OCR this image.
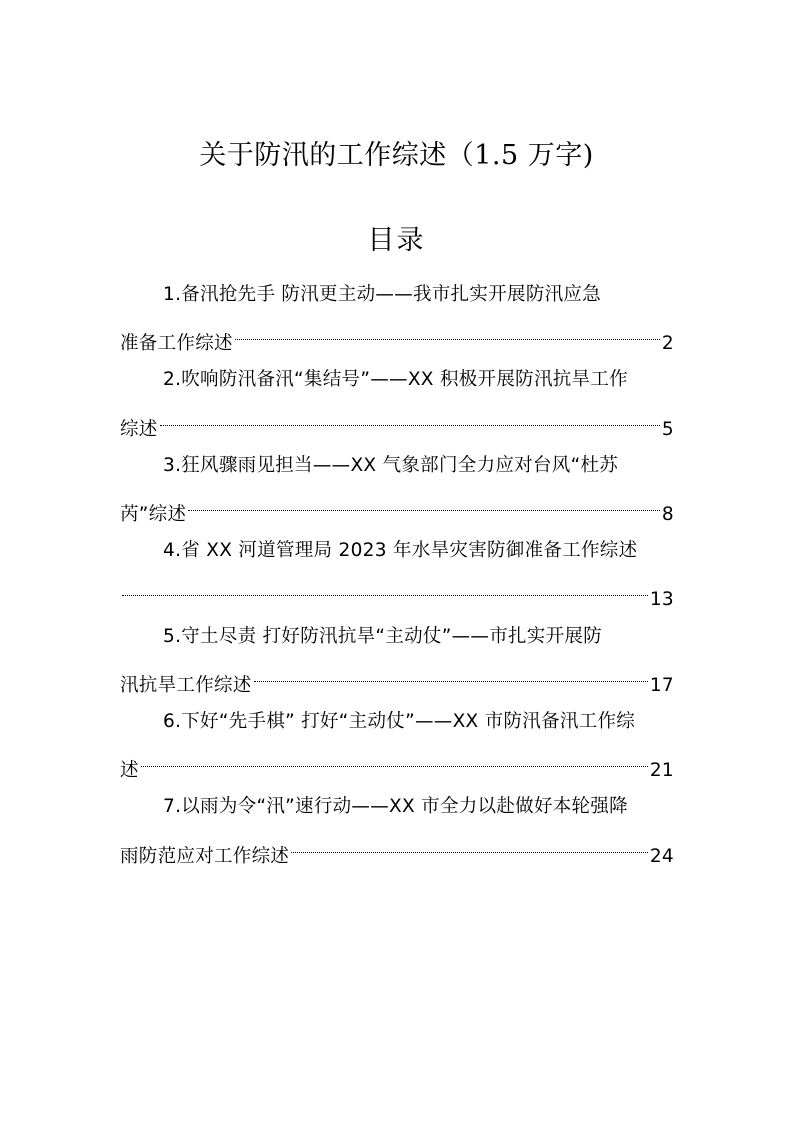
关于防汛的工作综述（1.5 万字)
目录
1.备汛抢先手 防汛更主动——我市扎实开展防汛应急
准备工作综述	2
2.吹响防汛备汛“集结号”——XX 积极开展防汛抗旱工作
综述	5
3.狂风骤雨见担当——XX 气象部门全力应对台风“杜苏
芮”综述	8
4.省 XX 河道管理局 2023 年水旱灾害防御准备工作综述
13
5.守土尽责 打好防汛抗旱“主动仗”——市扎实开展防
汛抗旱工作综述	17
6.下好“先手棋” 打好“主动仗”——XX 市防汛备汛工作综
述	21
7.以雨为令“汛”速行动——XX 市全力以赴做好本轮强降
雨防范应对工作综述	24
